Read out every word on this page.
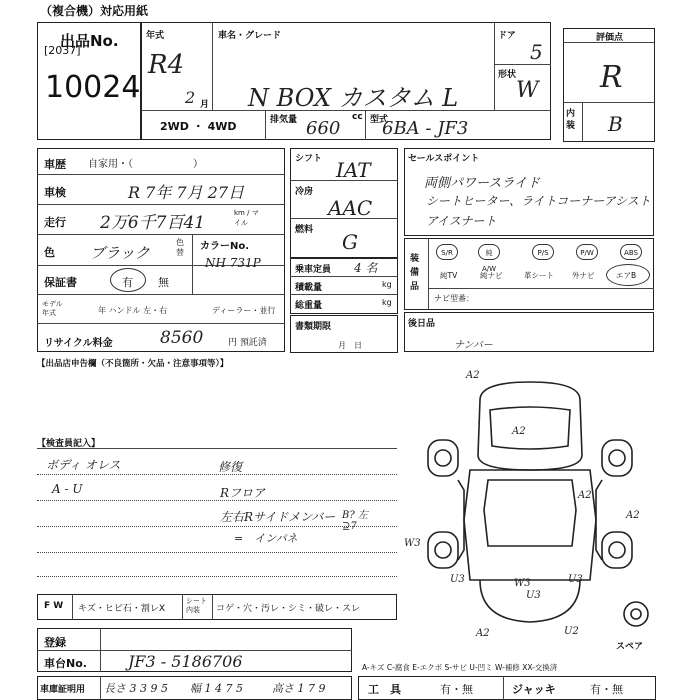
（複合機）対応用紙
出品No.
[2037]
10024
年式
R4
2 月
車名・グレード
N BOX カスタム L
ドア
5
形状
W
2WD ・ 4WD	排気量 660
cc 型式
6BA - JF3
評価点
R
内装 B
車歴 自家用・（　　　　　　）
車検	R 7年 7月 27日
走行 2万6千7百41	km / マイル
色 ブラック
色替
カラーNo.
NH 731P
保証書	有 無
モデル年式	年 ハンドル 左・右	ディーラー・並行
リサイクル料金	8560	円 預託済
シフト IAT
冷房
AAC
燃料 G
乗車定員 4 名
積載量	kg
総重量	kg
書類期限
月　日
セールスポイント
両側パワースライド
シートヒーター、ライトコーナーアシスト
アイスナート
装備品
S/R	純A/W
P/S	P/W	ABS
純TV	純ナビ	革シート 外ナビ	エアB
ナビ型番：
後日品
ナンバー
【出品店申告欄（不良箇所・欠品・注意事項等）】
【検査員記入】
ボディ オレス
A - U
修復
Rフロア
左右Rサイドメンバー
=　インパネ
B? 左 ⊇7
A2
A2
A2
A2
W3
U3	W3
U3
U3
A2	U2
スペア
F W キズ・ヒビ石・割レX
シート内装	コゲ・穴・汚レ・シミ・破レ・スレ
登録
車台No.	JF3 - 5186706
車庫証明用 長さ 3 3 9 5 幅 1 4 7 5	高さ 1 7 9
A-キズ C-腐食 E-エクボ S-サビ U-凹ミ W-補修 XX-交換済
工　具	有・無	ジャッキ	有・無
